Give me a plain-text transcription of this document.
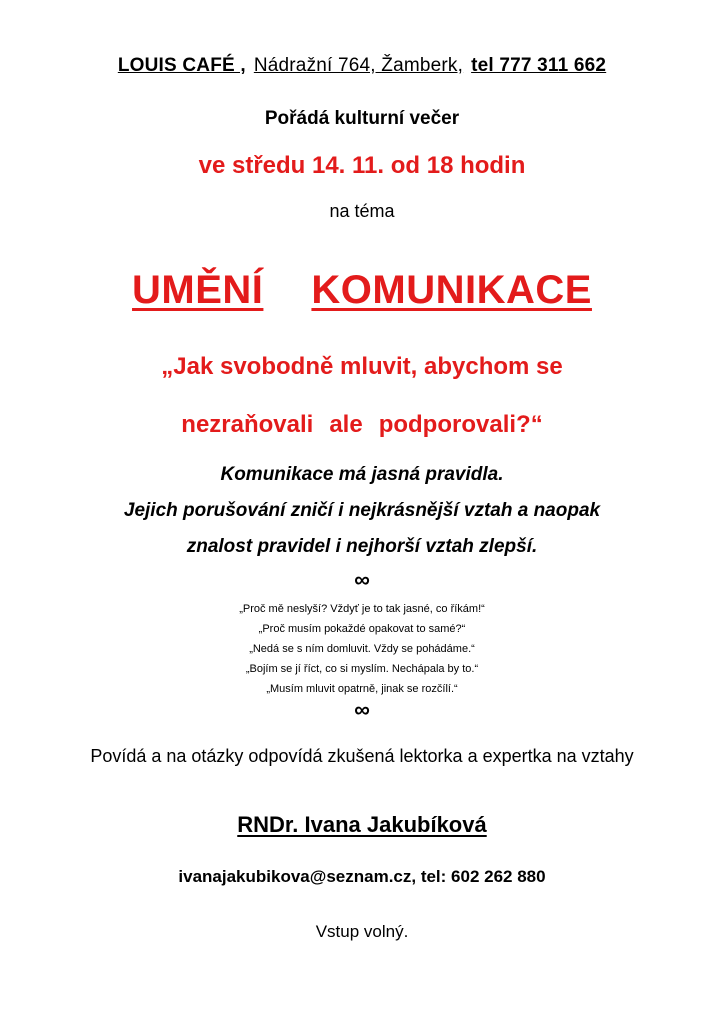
LOUIS CAFÉ , Nádražní 764, Žamberk, tel 777 311 662
Pořádá kulturní večer
ve středu 14. 11. od 18 hodin
na téma
UMĚNÍ KOMUNIKACE
„Jak svobodně mluvit, abychom se
nezraňovali ale podporovali?“
Komunikace má jasná pravidla.
Jejich porušování zničí i nejkrásnější vztah a naopak
znalost pravidel i nejhorší vztah zlepší.
∞
„Proč mě neslyší? Vždyť je to tak jasné, co říkám!“
„Proč musím pokaždé opakovat to samé?“
„Nedá se s ním domluvit. Vždy se pohádáme.“
„Bojím se jí říct, co si myslím. Nechápala by to.“
„Musím mluvit opatrně, jinak se rozčílí.“
∞
Povídá a na otázky odpovídá zkušená lektorka a expertka na vztahy
RNDr. Ivana Jakubíková
ivanajakubikova@seznam.cz, tel: 602 262 880
Vstup volný.
